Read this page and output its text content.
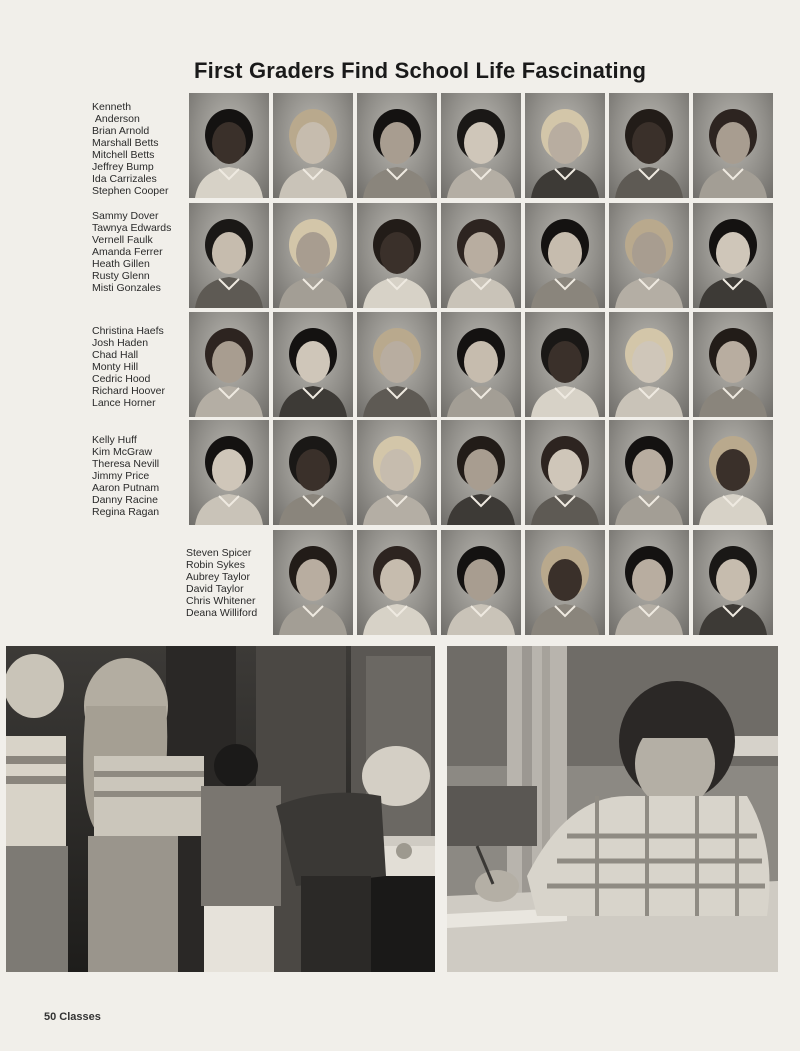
First Graders Find School Life Fascinating
Kenneth
Anderson
Brian Arnold
Marshall Betts
Mitchell Betts
Jeffrey Bump
Ida Carrizales
Stephen Cooper
Sammy Dover
Tawnya Edwards
Vernell Faulk
Amanda Ferrer
Heath Gillen
Rusty Glenn
Misti Gonzales
Christina Haefs
Josh Haden
Chad Hall
Monty Hill
Cedric Hood
Richard Hoover
Lance Horner
Kelly Huff
Kim McGraw
Theresa Nevill
Jimmy Price
Aaron Putnam
Danny Racine
Regina Ragan
Steven Spicer
Robin Sykes
Aubrey Taylor
David Taylor
Chris Whitener
Deana Williford
50 Classes
